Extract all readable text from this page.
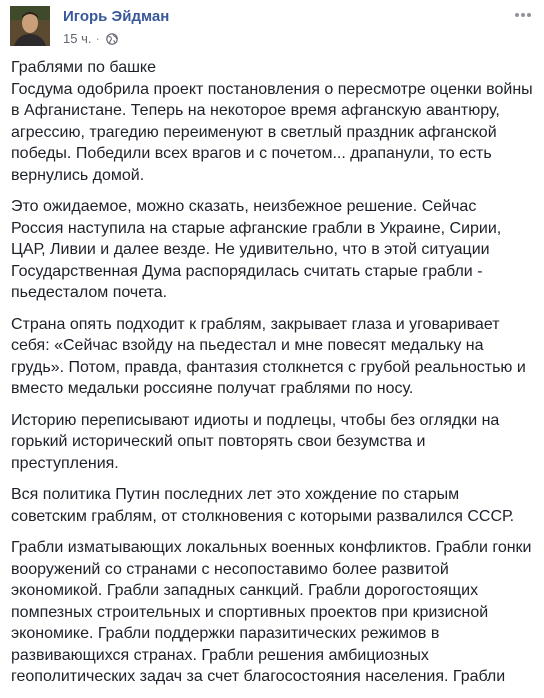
Игорь Эйдман
15 ч. ·

Граблями по башке
Госдума одобрила проект постановления о пересмотре оценки войны в Афганистане. Теперь на некоторое время афганскую авантюру, агрессию, трагедию переименуют в светлый праздник афганской победы. Победили всех врагов и с почетом... драпанули, то есть вернулись домой.

Это ожидаемое, можно сказать, неизбежное решение. Сейчас Россия наступила на старые афганские грабли в Украине, Сирии, ЦАР, Ливии и далее везде. Не удивительно, что в этой ситуации Государственная Дума распорядилась считать старые грабли - пьедесталом почета.

Страна опять подходит к граблям, закрывает глаза и уговаривает себя: «Сейчас взойду на пьедестал и мне повесят медальку на грудь». Потом, правда, фантазия столкнется с грубой реальностью и вместо медальки россияне получат граблями по носу.

Историю переписывают идиоты и подлецы, чтобы без оглядки на горький исторический опыт повторять свои безумства и преступления.

Вся политика Путин последних лет это хождение по старым советским граблям, от столкновения с которыми развалился СССР.

Грабли изматывающих локальных военных конфликтов. Грабли гонки вооружений со странами с несопоставимо более развитой экономикой. Грабли западных санкций. Грабли дорогостоящих помпезных строительных и спортивных проектов при кризисной экономике. Грабли поддержки паразитических режимов в развивающихся странах. Грабли решения амбициозных геополитических задач за счет благосостояния населения. Грабли
